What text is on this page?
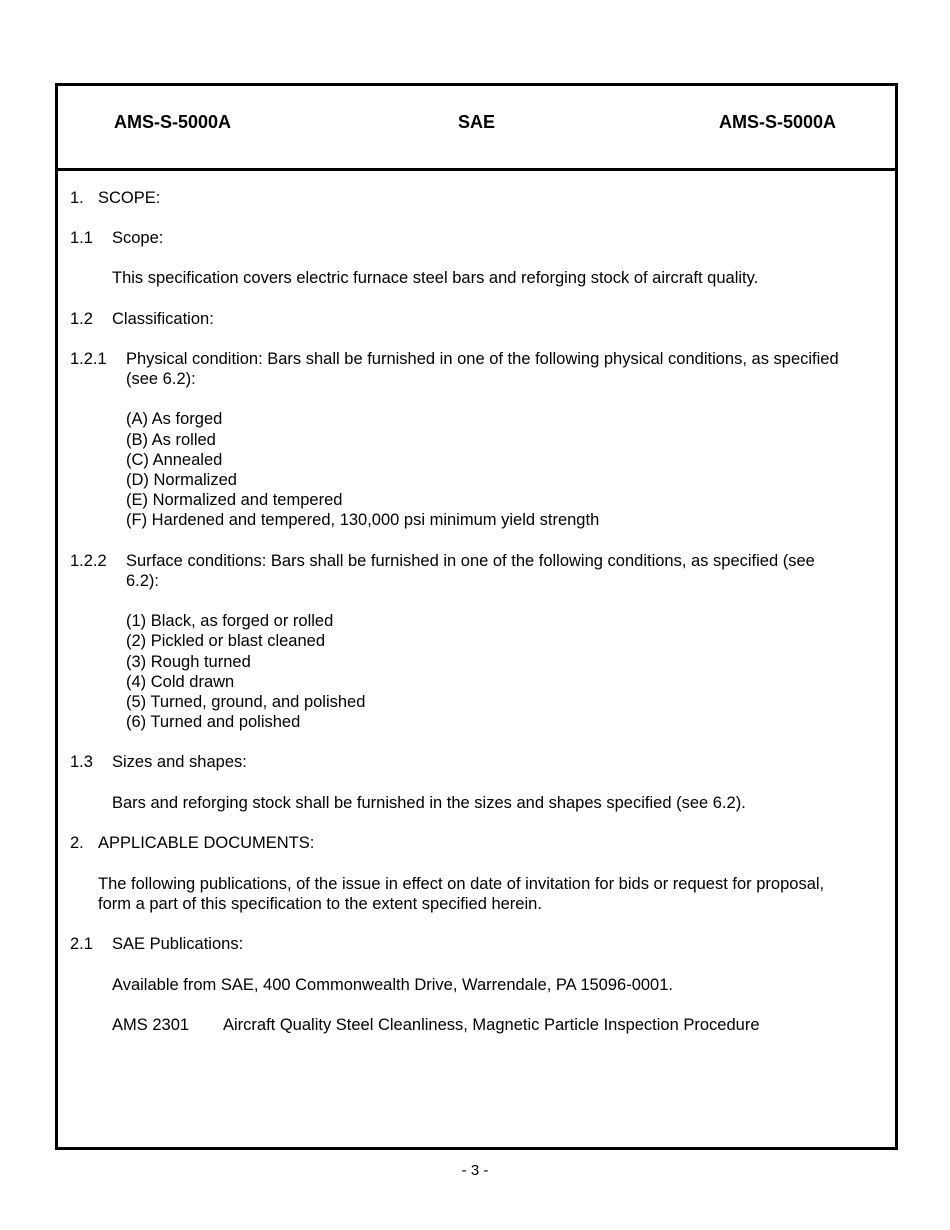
AMS-S-5000A	SAE	AMS-S-5000A
1. SCOPE:
1.1 Scope:
This specification covers electric furnace steel bars and reforging stock of aircraft quality.
1.2 Classification:
1.2.1 Physical condition: Bars shall be furnished in one of the following physical conditions, as specified
(see 6.2):
(A) As forged
(B) As rolled
(C) Annealed
(D) Normalized
(E) Normalized and tempered
(F) Hardened and tempered, 130,000 psi minimum yield strength
1.2.2 Surface conditions: Bars shall be furnished in one of the following conditions, as specified (see
6.2):
(1) Black, as forged or rolled
(2) Pickled or blast cleaned
(3) Rough turned
(4) Cold drawn
(5) Turned, ground, and polished
(6) Turned and polished
1.3 Sizes and shapes:
Bars and reforging stock shall be furnished in the sizes and shapes specified (see 6.2).
2. APPLICABLE DOCUMENTS:
The following publications, of the issue in effect on date of invitation for bids or request for proposal,
form a part of this specification to the extent specified herein.
2.1 SAE Publications:
Available from SAE, 400 Commonwealth Drive, Warrendale, PA 15096-0001.
AMS 2301 Aircraft Quality Steel Cleanliness, Magnetic Particle Inspection Procedure
- 3 -
